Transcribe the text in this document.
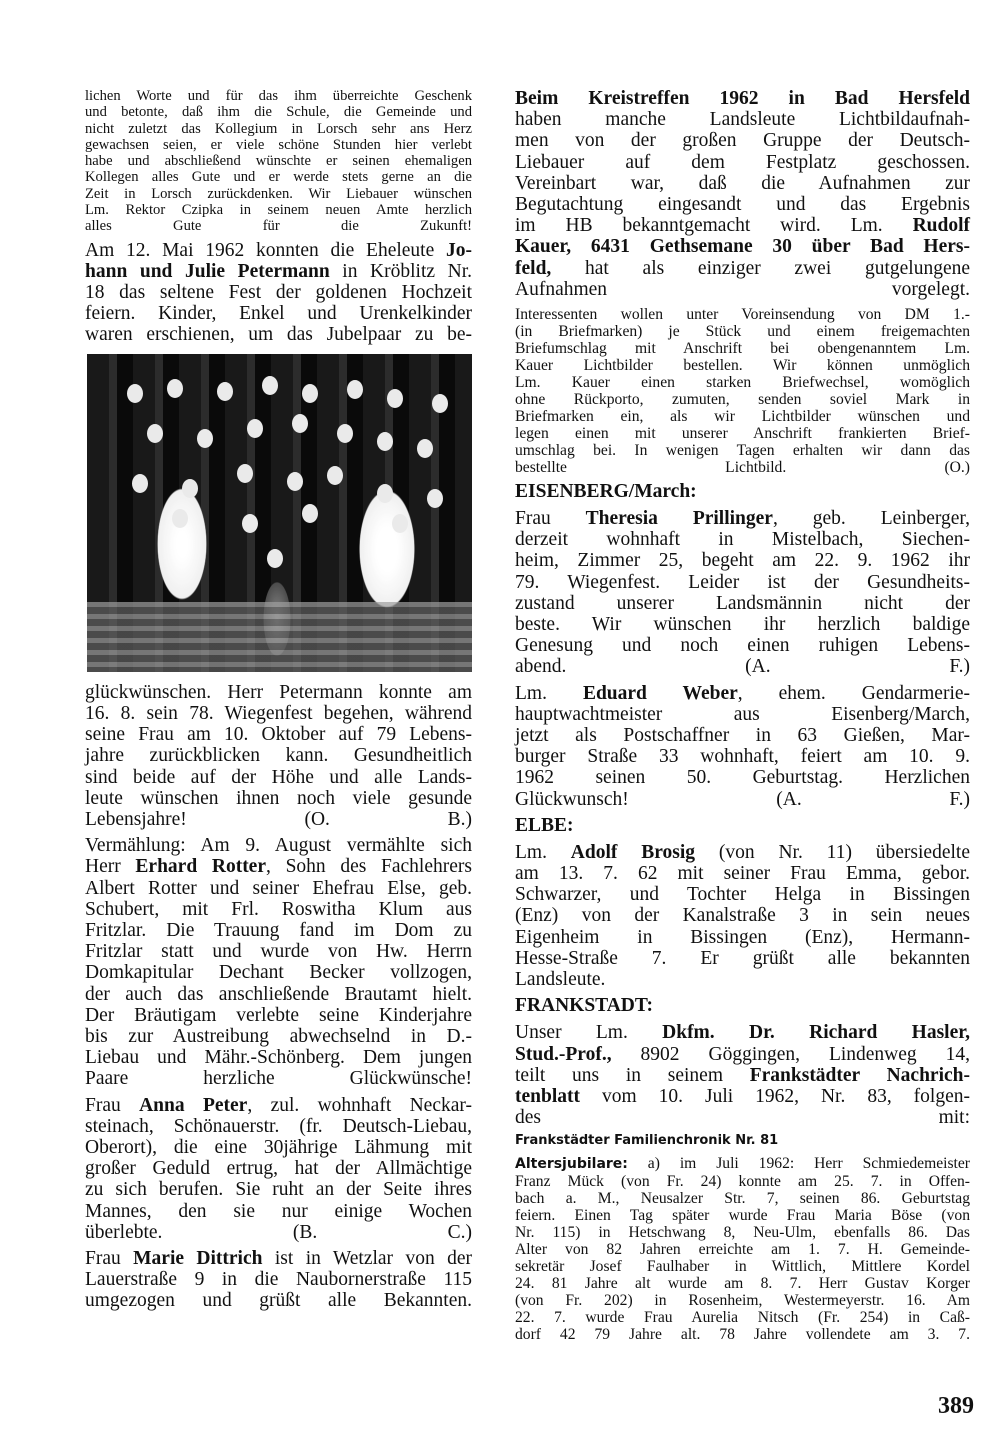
lichen Worte und für das ihm überreichte Geschenk
und betonte, daß ihm die Schule, die Gemeinde und
nicht zuletzt das Kollegium in Lorsch sehr ans Herz
gewachsen seien, er viele schöne Stunden hier verlebt
habe und abschließend wünschte er seinen ehemaligen
Kollegen alles Gute und er werde stets gerne an die
Zeit in Lorsch zurückdenken. Wir Liebauer wünschen
Lm. Rektor Czipka in seinem neuen Amte herzlich
alles Gute für die Zukunft!
Am 12. Mai 1962 konnten die Eheleute Jo-
hann und Julie Petermann in Kröblitz Nr.
18 das seltene Fest der goldenen Hochzeit
feiern. Kinder, Enkel und Urenkelkinder
waren erschienen, um das Jubelpaar zu be-
glückwünschen. Herr Petermann konnte am
16. 8. sein 78. Wiegenfest begehen, während
seine Frau am 10. Oktober auf 79 Lebens-
jahre zurückblicken kann. Gesundheitlich
sind beide auf der Höhe und alle Lands-
leute wünschen ihnen noch viele gesunde
Lebensjahre! (O. B.)
Vermählung: Am 9. August vermählte sich
Herr Erhard Rotter, Sohn des Fachlehrers
Albert Rotter und seiner Ehefrau Else, geb.
Schubert, mit Frl. Roswitha Klum aus
Fritzlar. Die Trauung fand im Dom zu
Fritzlar statt und wurde von Hw. Herrn
Domkapitular Dechant Becker vollzogen,
der auch das anschließende Brautamt hielt.
Der Bräutigam verlebte seine Kinderjahre
bis zur Austreibung abwechselnd in D.-
Liebau und Mähr.-Schönberg. Dem jungen
Paare herzliche Glückwünsche!
Frau Anna Peter, zul. wohnhaft Neckar-
steinach, Schönauerstr. (fr. Deutsch-Liebau,
Oberort), die eine 30jährige Lähmung mit
großer Geduld ertrug, hat der Allmächtige
zu sich berufen. Sie ruht an der Seite ihres
Mannes, den sie nur einige Wochen
überlebte. (B. C.)
Frau Marie Dittrich ist in Wetzlar von der
Lauerstraße 9 in die Naubornerstraße 115
umgezogen und grüßt alle Bekannten.
Beim Kreistreffen 1962 in Bad Hersfeld
haben manche Landsleute Lichtbildaufnah-
men von der großen Gruppe der Deutsch-
Liebauer auf dem Festplatz geschossen.
Vereinbart war, daß die Aufnahmen zur
Begutachtung eingesandt und das Ergebnis
im HB bekanntgemacht wird. Lm. Rudolf
Kauer, 6431 Gethsemane 30 über Bad Hers-
feld, hat als einziger zwei gutgelungene
Aufnahmen vorgelegt.
Interessenten wollen unter Voreinsendung von DM 1.-
(in Briefmarken) je Stück und einem freigemachten
Briefumschlag mit Anschrift bei obengenanntem Lm.
Kauer Lichtbilder bestellen. Wir können unmöglich
Lm. Kauer einen starken Briefwechsel, womöglich
ohne Rückporto, zumuten, senden soviel Mark in
Briefmarken ein, als wir Lichtbilder wünschen und
legen einen mit unserer Anschrift frankierten Brief-
umschlag bei. In wenigen Tagen erhalten wir dann das
bestellte Lichtbild. (O.)
EISENBERG/March:
Frau Theresia Prillinger, geb. Leinberger,
derzeit wohnhaft in Mistelbach, Siechen-
heim, Zimmer 25, begeht am 22. 9. 1962 ihr
79. Wiegenfest. Leider ist der Gesundheits-
zustand unserer Landsmännin nicht der
beste. Wir wünschen ihr herzlich baldige
Genesung und noch einen ruhigen Lebens-
abend. (A. F.)
Lm. Eduard Weber, ehem. Gendarmerie-
hauptwachtmeister aus Eisenberg/March,
jetzt als Postschaffner in 63 Gießen, Mar-
burger Straße 33 wohnhaft, feiert am 10. 9.
1962 seinen 50. Geburtstag. Herzlichen
Glückwunsch! (A. F.)
ELBE:
Lm. Adolf Brosig (von Nr. 11) übersiedelte
am 13. 7. 62 mit seiner Frau Emma, gebor.
Schwarzer, und Tochter Helga in Bissingen
(Enz) von der Kanalstraße 3 in sein neues
Eigenheim in Bissingen (Enz), Hermann-
Hesse-Straße 7. Er grüßt alle bekannten
Landsleute.
FRANKSTADT:
Unser Lm. Dkfm. Dr. Richard Hasler,
Stud.-Prof., 8902 Göggingen, Lindenweg 14,
teilt uns in seinem Frankstädter Nachrich-
tenblatt vom 10. Juli 1962, Nr. 83, folgen-
des mit:
Frankstädter Familienchronik Nr. 81
Altersjubilare: a) im Juli 1962: Herr Schmiedemeister
Franz Mück (von Fr. 24) konnte am 25. 7. in Offen-
bach a. M., Neusalzer Str. 7, seinen 86. Geburtstag
feiern. Einen Tag später wurde Frau Maria Böse (von
Nr. 115) in Hetschwang 8, Neu-Ulm, ebenfalls 86. Das
Alter von 82 Jahren erreichte am 1. 7. H. Gemeinde-
sekretär Josef Faulhaber in Wittlich, Mittlere Kordel
24. 81 Jahre alt wurde am 8. 7. Herr Gustav Korger
(von Fr. 202) in Rosenheim, Westermeyerstr. 16. Am
22. 7. wurde Frau Aurelia Nitsch (Fr. 254) in Caß-
dorf 42 79 Jahre alt. 78 Jahre vollendete am 3. 7.
389
